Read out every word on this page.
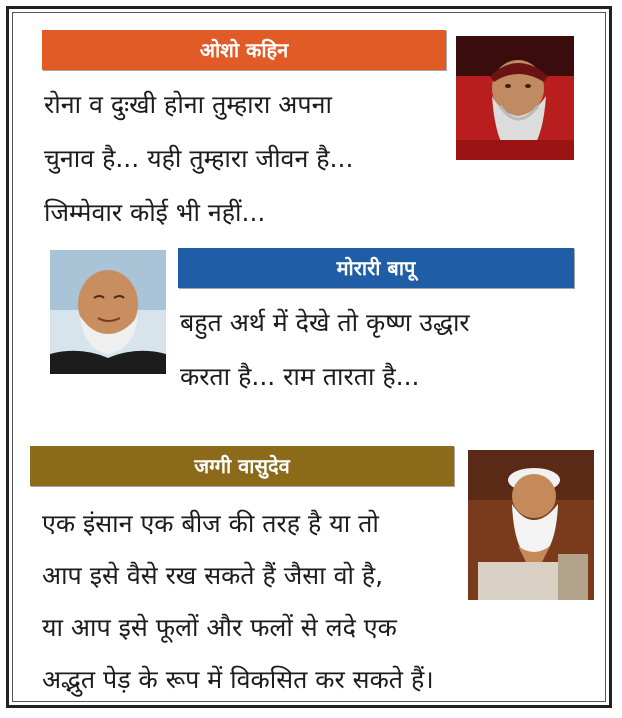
ओशो कहिन
रोना व दुःखी होना तुम्हारा अपना
चुनाव है... यही तुम्हारा जीवन है...
जिम्मेवार कोई भी नहीं...
मोरारी बापू
बहुत अर्थ में देखे तो कृष्ण उद्धार
करता है... राम तारता है...
जग्गी वासुदेव
एक इंसान एक बीज की तरह है या तो
आप इसे वैसे रख सकते हैं जैसा वो है,
या आप इसे फूलों और फलों से लदे एक
अद्भुत पेड़ के रूप में विकसित कर सकते हैं।
